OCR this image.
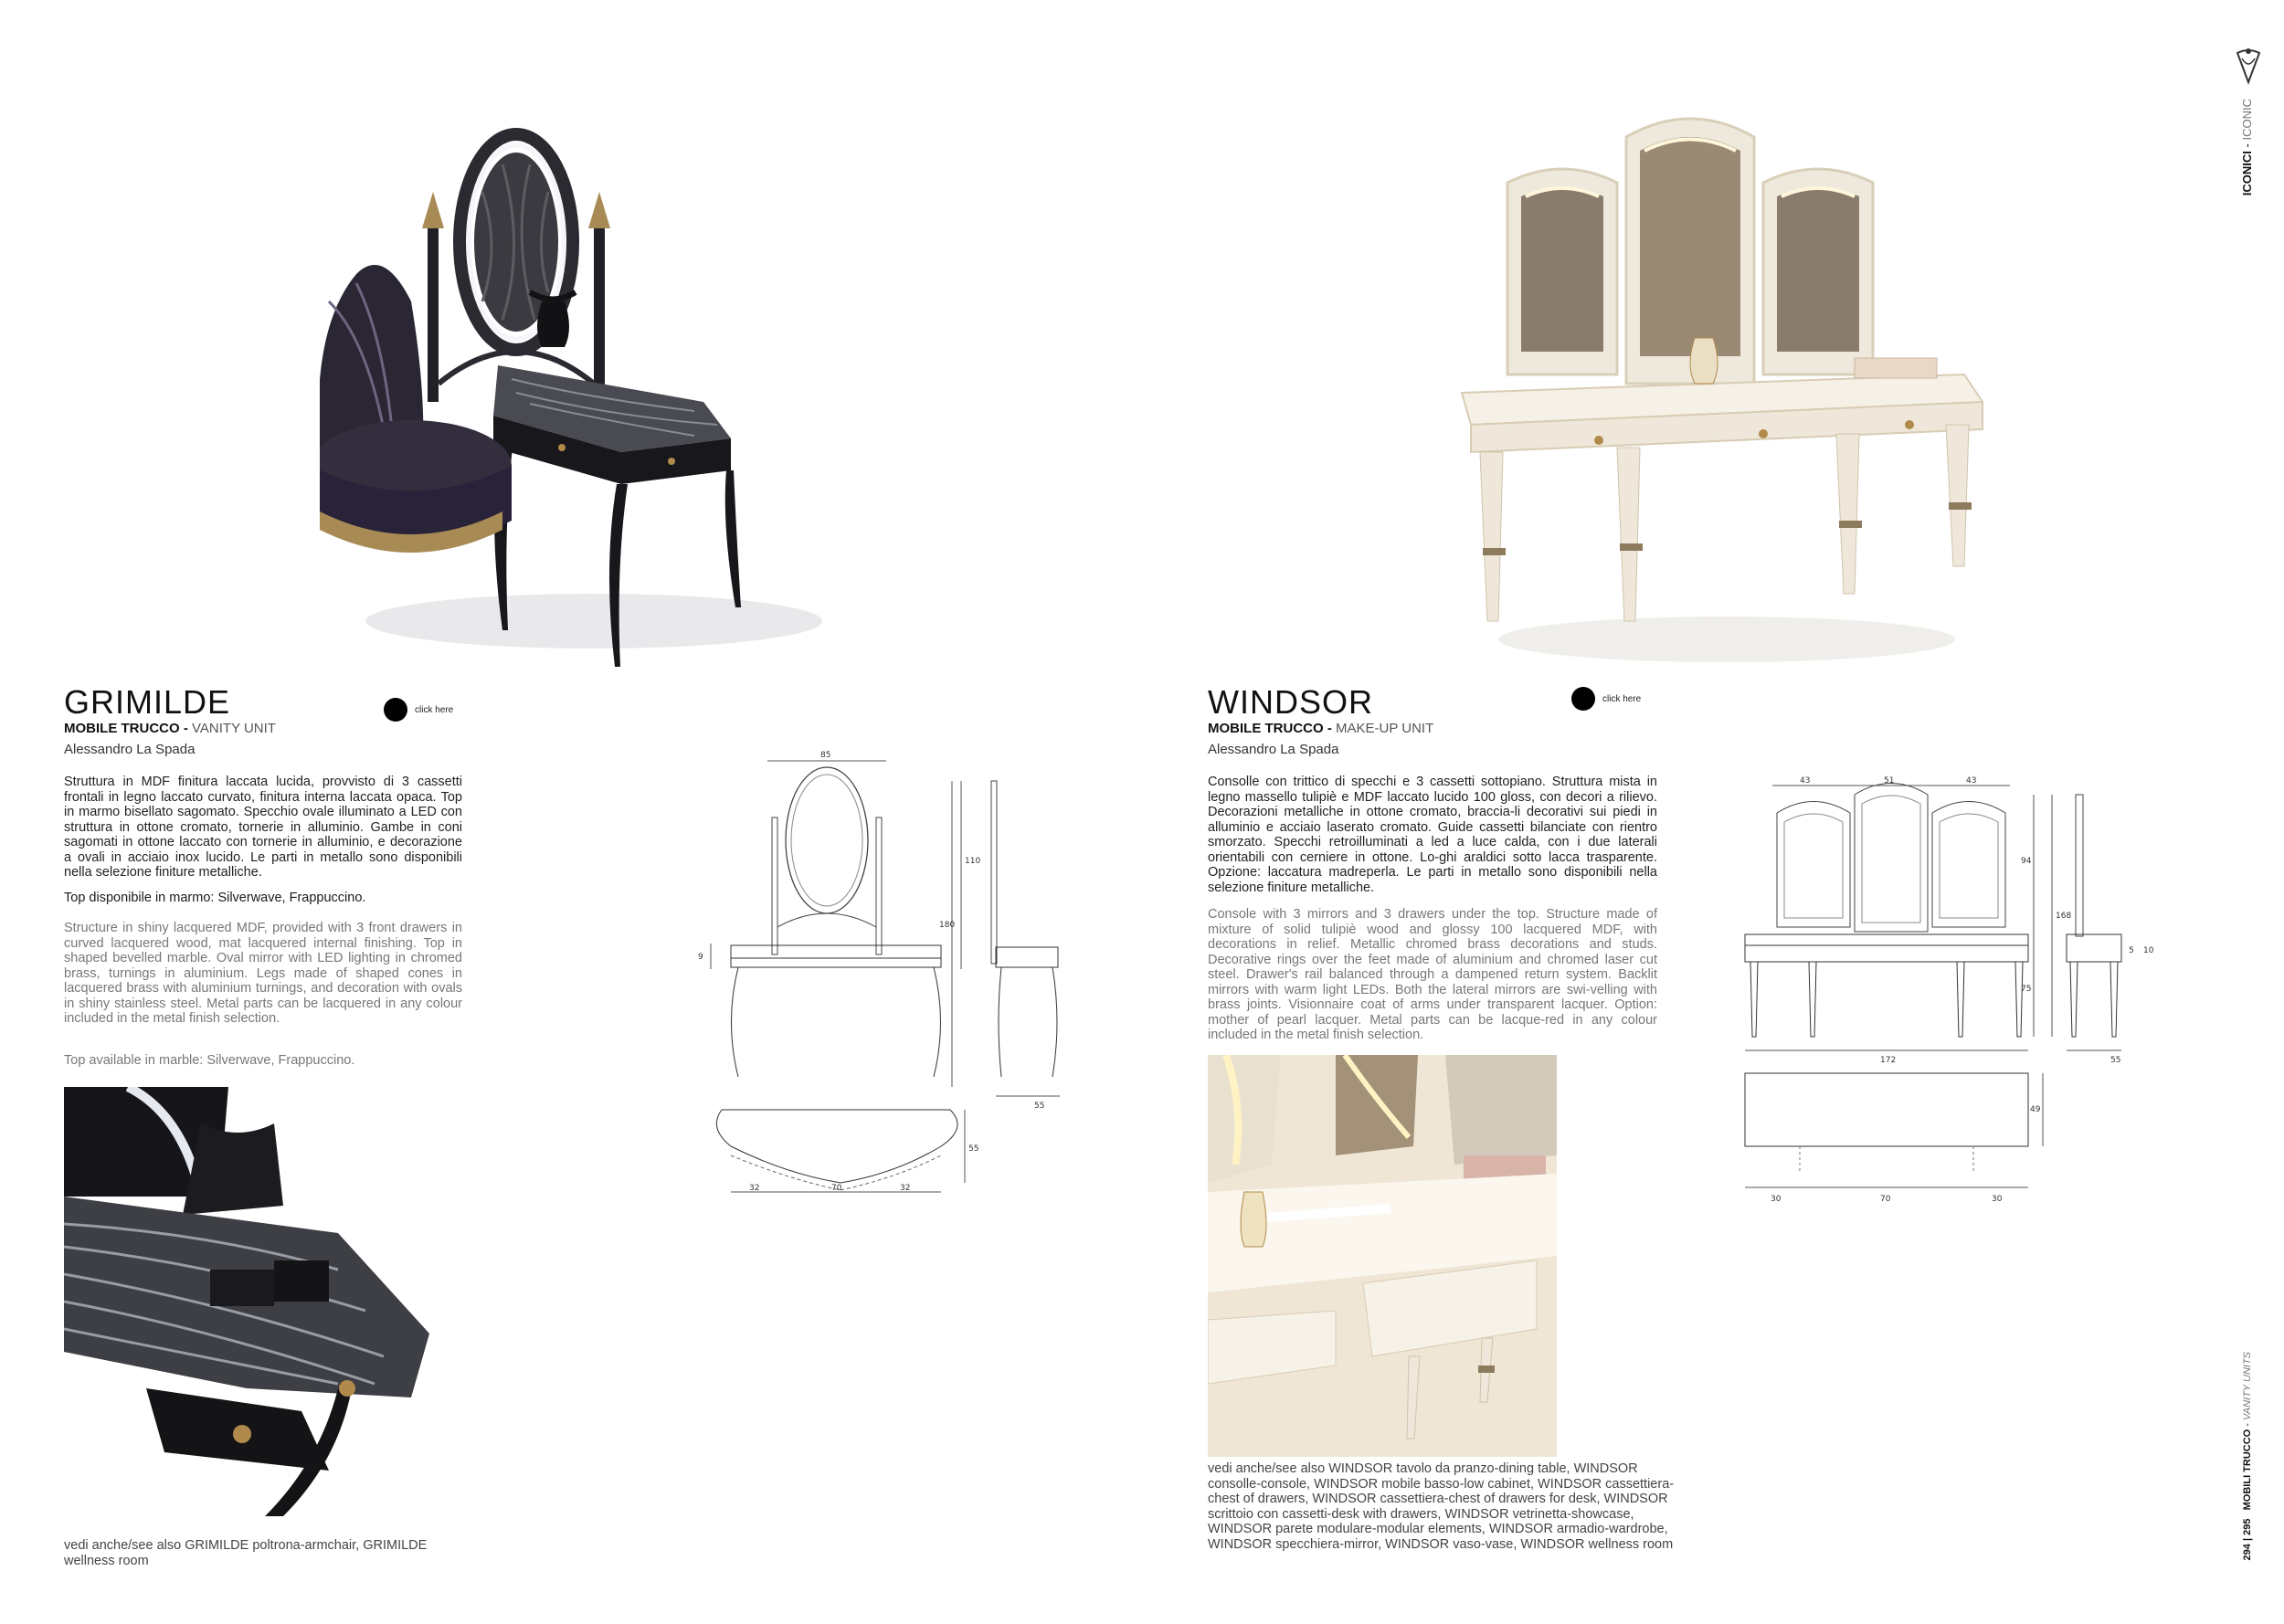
GRIMILDE	click here
MOBILE TRUCCO - VANITY UNIT
Alessandro La Spada
Struttura in MDF finitura laccata lucida, provvisto di 3 cassetti frontali in legno laccato curvato, finitura interna laccata opaca. Top in marmo bisellato sagomato. Specchio ovale illuminato a LED con struttura in ottone cromato, tornerie in alluminio. Gambe in coni sagomati in ottone laccato con tornerie in alluminio, e decorazione a ovali in acciaio inox lucido. Le parti in metallo sono disponibili nella selezione finiture metalliche.
Top disponibile in marmo: Silverwave, Frappuccino.
Structure in shiny lacquered MDF, provided with 3 front drawers in curved lacquered wood, mat lacquered internal finishing. Top in shaped bevelled marble. Oval mirror with LED lighting in chromed brass, turnings in aluminium. Legs made of shaped cones in lacquered brass with aluminium turnings, and decoration with ovals in shiny stainless steel. Metal parts can be lacquered in any colour included in the metal finish selection.
Top available in marble: Silverwave, Frappuccino.
vedi anche/see also GRIMILDE poltrona-armchair, GRIMILDE wellness room
85
9
110
180
55
55
32	70	32
WINDSOR	click here
MOBILE TRUCCO - MAKE-UP UNIT
Alessandro La Spada
Consolle con trittico di specchi e 3 cassetti sottopiano. Struttura mista in legno massello tulipiè e MDF laccato lucido 100 gloss, con decori a rilievo. Decorazioni metalliche in ottone cromato, braccia-li decorativi sui piedi in alluminio e acciaio laserato cromato. Guide cassetti bilanciate con rientro smorzato. Specchi retroilluminati a led a luce calda, con i due laterali orientabili con cerniere in ottone. Lo-ghi araldici sotto lacca trasparente. Opzione: laccatura madreperla. Le parti in metallo sono disponibili nella selezione finiture metalliche.
Console with 3 mirrors and 3 drawers under the top. Structure made of mixture of solid tulipiè wood and glossy 100 lacquered MDF, with decorations in relief. Metallic chromed brass decorations and studs. Decorative rings over the feet made of aluminium and chromed laser cut steel. Drawer's rail balanced through a dampened return system. Backlit mirrors with warm light LEDs. Both the lateral mirrors are swi-velling with brass joints. Visionnaire coat of arms under transparent lacquer. Option: mother of pearl lacquer. Metal parts can be lacque-red in any colour included in the metal finish selection.
vedi anche/see also WINDSOR tavolo da pranzo-dining table, WINDSOR consolle-console, WINDSOR mobile basso-low cabinet, WINDSOR cassettiera-chest of drawers, WINDSOR cassettiera-chest of drawers for desk, WINDSOR scrittoio con cassetti-desk with drawers, WINDSOR vetrinetta-showcase, WINDSOR parete modulare-modular elements, WINDSOR armadio-wardrobe, WINDSOR specchiera-mirror, WINDSOR vaso-vase, WINDSOR wellness room
43	51	43
94
75
168
5 10
55
172
49
30	70	30
ICONICI - ICONIC
294 | 295   MOBILI TRUCCO - VANITY UNITS
